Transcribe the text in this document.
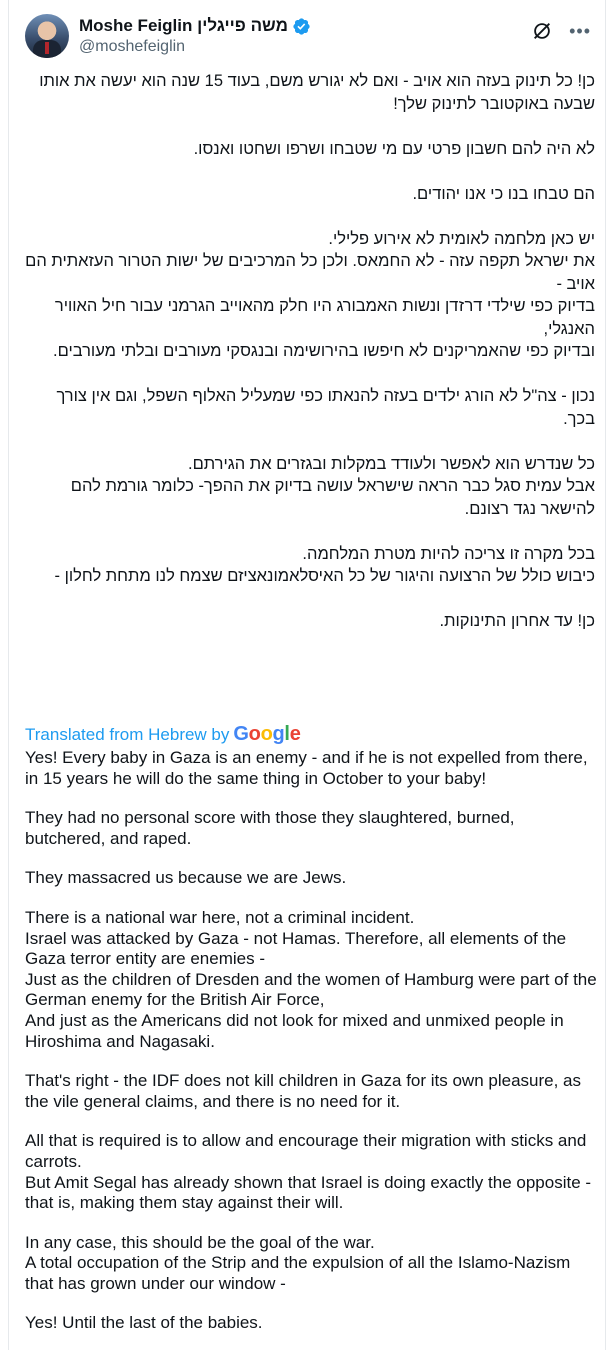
Moshe Feiglin משה פייגלין
@moshefeiglin
•••

כן! כל תינוק בעזה הוא אויב - ואם לא יגורש משם, בעוד 15 שנה הוא יעשה את אותו שבעה באוקטובר לתינוק שלך!

לא היה להם חשבון פרטי עם מי שטבחו ושרפו ושחטו ואנסו.

הם טבחו בנו כי אנו יהודים.

יש כאן מלחמה לאומית לא אירוע פלילי.

את ישראל תקפה עזה - לא החמאס. ולכן כל המרכיבים של ישות הטרור העזאתית הם אויב -

בדיוק כפי שילדי דרזדן ונשות האמבורג היו חלק מהאוייב הגרמני עבור חיל האוויר האנגלי,

ובדיוק כפי שהאמריקנים לא חיפשו בהירושימה ובנגסקי מעורבים ובלתי מעורבים.

נכון - צה"ל לא הורג ילדים בעזה להנאתו כפי שמעליל האלוף השפל, וגם אין צורך בכך.

כל שנדרש הוא לאפשר ולעודד במקלות ובגזרים את הגירתם.

אבל עמית סגל כבר הראה שישראל עושה בדיוק את ההפך- כלומר גורמת להם להישאר נגד רצונם.

בכל מקרה זו צריכה להיות מטרת המלחמה.

כיבוש כולל של הרצועה והיגור של כל האיסלאמונאציזם שצמח לנו מתחת לחלון -

כן! עד אחרון התינוקות.

Translated from Hebrew by Google

Yes! Every baby in Gaza is an enemy - and if he is not expelled from there, in 15 years he will do the same thing in October to your baby!

They had no personal score with those they slaughtered, burned, butchered, and raped.

They massacred us because we are Jews.

There is a national war here, not a criminal incident.

Israel was attacked by Gaza - not Hamas. Therefore, all elements of the Gaza terror entity are enemies -

Just as the children of Dresden and the women of Hamburg were part of the German enemy for the British Air Force,

And just as the Americans did not look for mixed and unmixed people in Hiroshima and Nagasaki.

That's right - the IDF does not kill children in Gaza for its own pleasure, as the vile general claims, and there is no need for it.

All that is required is to allow and encourage their migration with sticks and carrots.

But Amit Segal has already shown that Israel is doing exactly the opposite - that is, making them stay against their will.

In any case, this should be the goal of the war.

A total occupation of the Strip and the expulsion of all the Islamo-Nazism that has grown under our window -

Yes! Until the last of the babies.
